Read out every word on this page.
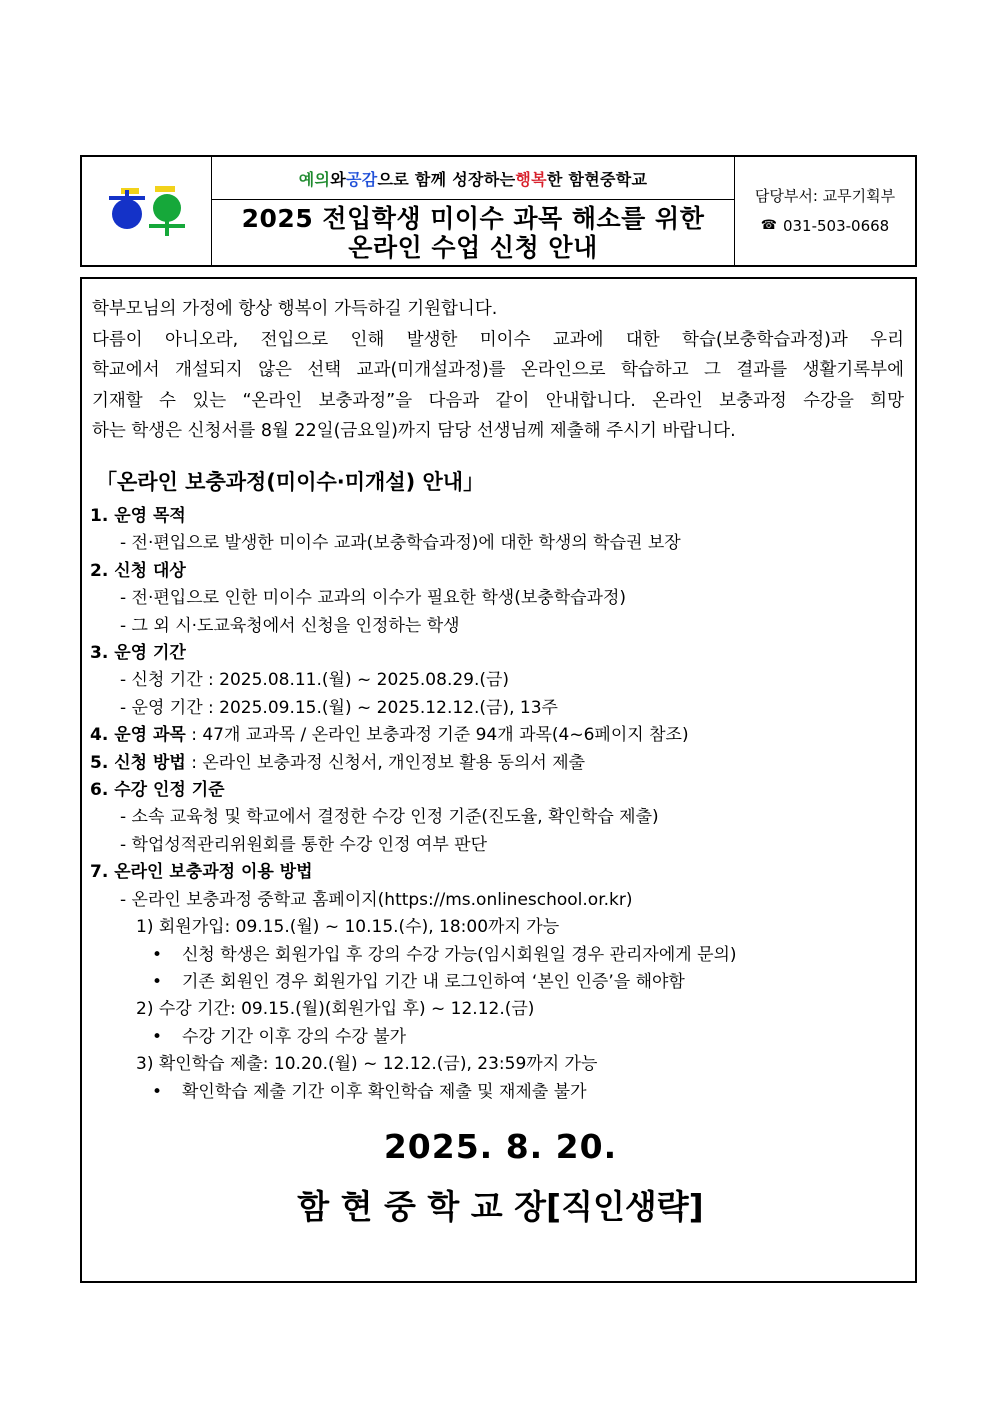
예의 와 공감 으로 함께 성장하는 행복 한 함현중학교
2025 전입학생 미이수 과목 해소를 위한
온라인 수업 신청 안내
담당부서: 교무기획부
☎ 031-503-0668

학부모님의 가정에 항상 행복이 가득하길 기원합니다.

다름이 아니오라, 전입으로 인해 발생한 미이수 교과에 대한 학습(보충학습과정)과 우리

학교에서 개설되지 않은 선택 교과(미개설과정)를 온라인으로 학습하고 그 결과를 생활기록부에

기재할 수 있는 “온라인 보충과정”을 다음과 같이 안내합니다. 온라인 보충과정 수강을 희망

하는 학생은 신청서를 8월 22일(금요일)까지 담당 선생님께 제출해 주시기 바랍니다.

「온라인 보충과정(미이수·미개설) 안내」
1. 운영 목적
- 전·편입으로 발생한 미이수 교과(보충학습과정)에 대한 학생의 학습권 보장
2. 신청 대상
- 전·편입으로 인한 미이수 교과의 이수가 필요한 학생(보충학습과정)
- 그 외 시·도교육청에서 신청을 인정하는 학생
3. 운영 기간
- 신청 기간 : 2025.08.11.(월) ~ 2025.08.29.(금)
- 운영 기간 : 2025.09.15.(월) ~ 2025.12.12.(금), 13주
4. 운영 과목 : 47개 교과목 / 온라인 보충과정 기준 94개 과목(4~6페이지 참조)
5. 신청 방법 : 온라인 보충과정 신청서, 개인정보 활용 동의서 제출
6. 수강 인정 기준
- 소속 교육청 및 학교에서 결정한 수강 인정 기준(진도율, 확인학습 제출)
- 학업성적관리위원회를 통한 수강 인정 여부 판단
7. 온라인 보충과정 이용 방법
- 온라인 보충과정 중학교 홈페이지(https://ms.onlineschool.or.kr)
1) 회원가입: 09.15.(월) ~ 10.15.(수), 18:00까지 가능
•	신청 학생은 회원가입 후 강의 수강 가능(임시회원일 경우 관리자에게 문의)
•	기존 회원인 경우 회원가입 기간 내 로그인하여 ‘본인 인증’을 해야함
2) 수강 기간: 09.15.(월)(회원가입 후) ~ 12.12.(금)
•	수강 기간 이후 강의 수강 불가
3) 확인학습 제출: 10.20.(월) ~ 12.12.(금), 23:59까지 가능
•	확인학습 제출 기간 이후 확인학습 제출 및 재제출 불가
2025. 8. 20.
함 현 중 학 교 장[직인생략]
